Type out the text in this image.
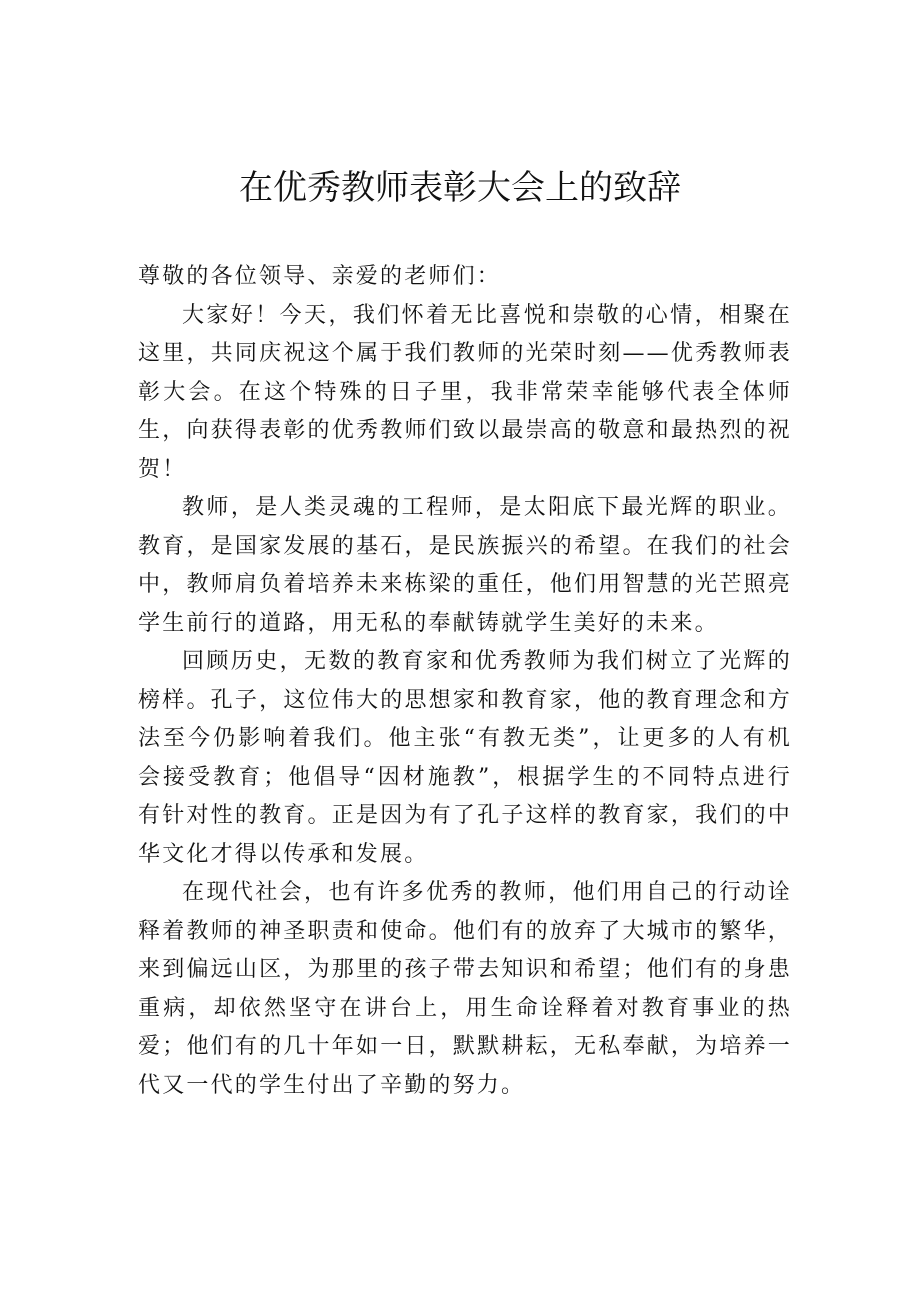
在优秀教师表彰大会上的致辞

尊敬的各位领导、亲爱的老师们：

大家好！今天，我们怀着无比喜悦和崇敬的心情，相聚在这里，共同庆祝这个属于我们教师的光荣时刻——优秀教师表彰大会。在这个特殊的日子里，我非常荣幸能够代表全体师生，向获得表彰的优秀教师们致以最崇高的敬意和最热烈的祝贺！

教师，是人类灵魂的工程师，是太阳底下最光辉的职业。教育，是国家发展的基石，是民族振兴的希望。在我们的社会中，教师肩负着培养未来栋梁的重任，他们用智慧的光芒照亮学生前行的道路，用无私的奉献铸就学生美好的未来。

回顾历史，无数的教育家和优秀教师为我们树立了光辉的榜样。孔子，这位伟大的思想家和教育家，他的教育理念和方法至今仍影响着我们。他主张“有教无类”，让更多的人有机会接受教育；他倡导“因材施教”，根据学生的不同特点进行有针对性的教育。正是因为有了孔子这样的教育家，我们的中华文化才得以传承和发展。

在现代社会，也有许多优秀的教师，他们用自己的行动诠释着教师的神圣职责和使命。他们有的放弃了大城市的繁华，来到偏远山区，为那里的孩子带去知识和希望；他们有的身患重病，却依然坚守在讲台上，用生命诠释着对教育事业的热爱；他们有的几十年如一日，默默耕耘，无私奉献，为培养一代又一代的学生付出了辛勤的努力。
